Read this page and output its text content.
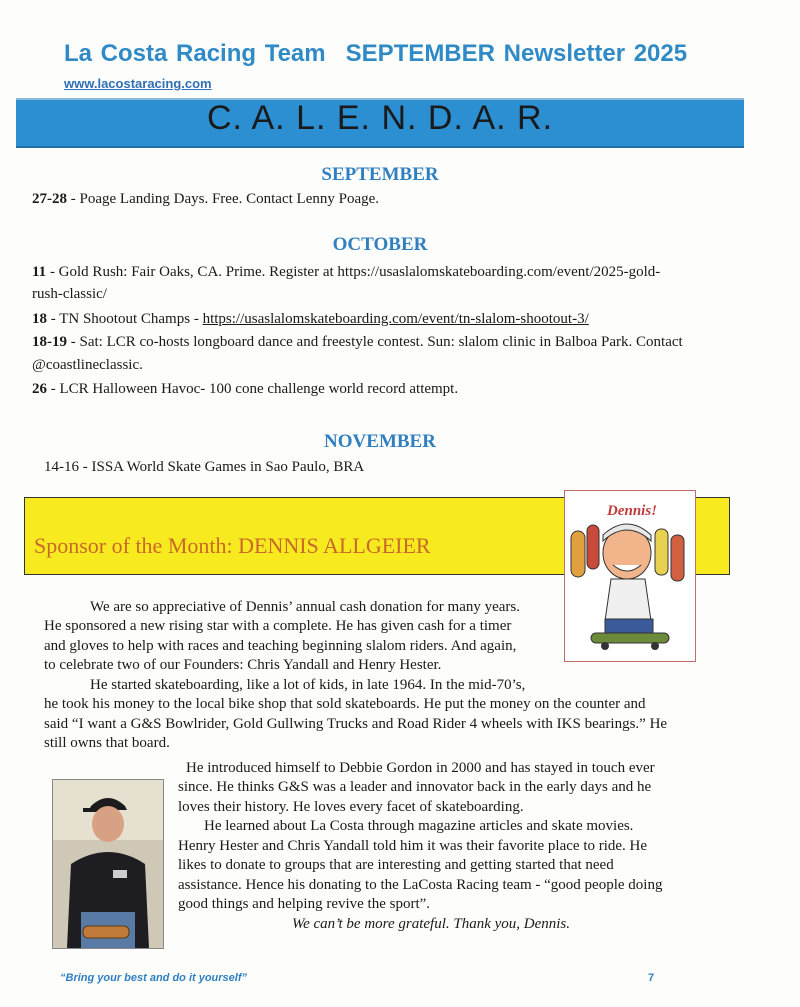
La Costa Racing Team SEPTEMBER Newsletter 2025
www.lacostaracing.com
C. A. L. E. N. D. A. R.
SEPTEMBER
27-28 - Poage Landing Days. Free. Contact Lenny Poage.
OCTOBER
11 - Gold Rush: Fair Oaks, CA. Prime. Register at https://usaslalomskateboarding.com/event/2025-gold-
rush-classic/
18 - TN Shootout Champs - https://usaslalomskateboarding.com/event/tn-slalom-shootout-3/
18-19 - Sat: LCR co-hosts longboard dance and freestyle contest. Sun: slalom clinic in Balboa Park. Contact
@coastlineclassic.
26 - LCR Halloween Havoc- 100 cone challenge world record attempt.
NOVEMBER
14-16 - ISSA World Skate Games in Sao Paulo, BRA
Sponsor of the Month: DENNIS ALLGEIER
Dennis!
We are so appreciative of Dennis’ annual cash donation for many years.
He sponsored a new rising star with a complete. He has given cash for a timer
and gloves to help with races and teaching beginning slalom riders. And again,
to celebrate two of our Founders: Chris Yandall and Henry Hester.
He started skateboarding, like a lot of kids, in late 1964. In the mid-70’s,
he took his money to the local bike shop that sold skateboards. He put the money on the counter and
said “I want a G&S Bowlrider, Gold Gullwing Trucks and Road Rider 4 wheels with IKS bearings.” He
still owns that board.
He introduced himself to Debbie Gordon in 2000 and has stayed in touch ever
since. He thinks G&S was a leader and innovator back in the early days and he
loves their history. He loves every facet of skateboarding.
He learned about La Costa through magazine articles and skate movies.
Henry Hester and Chris Yandall told him it was their favorite place to ride. He
likes to donate to groups that are interesting and getting started that need
assistance. Hence his donating to the LaCosta Racing team - “good people doing
good things and helping revive the sport”.
We can’t be more grateful. Thank you, Dennis.
“Bring your best and do it yourself”	7
